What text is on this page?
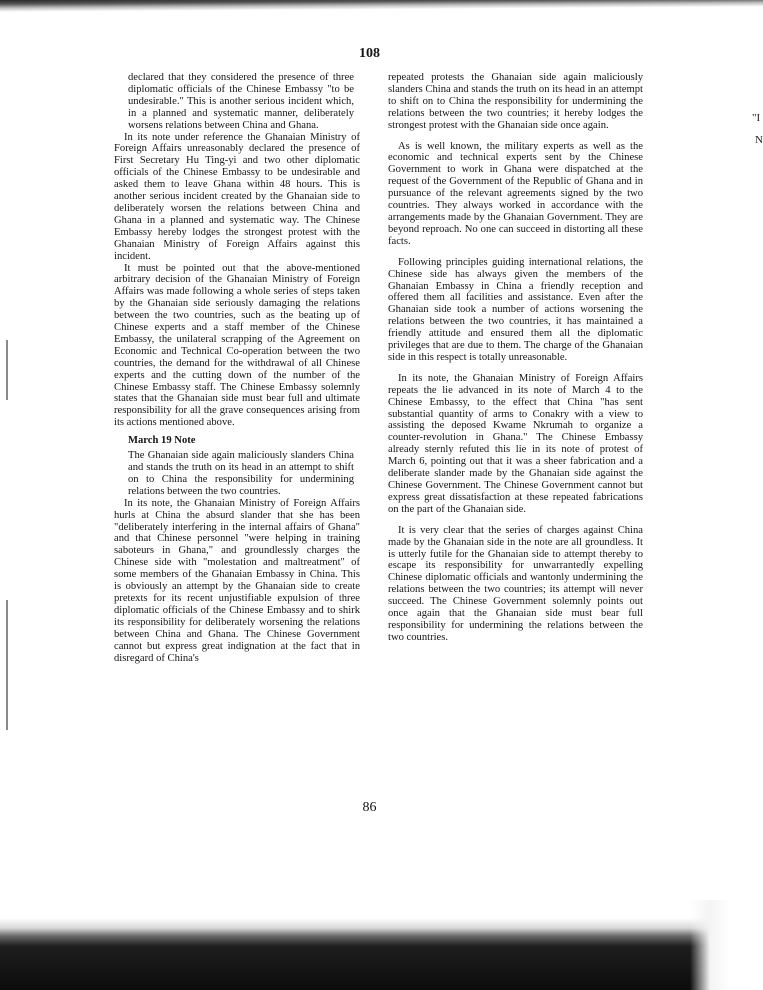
108

declared that they considered the presence of three diplomatic officials of the Chinese Embassy "to be undesirable." This is another serious incident which, in a planned and systematic manner, deliberately worsens relations between China and Ghana.

In its note under reference the Ghanaian Ministry of Foreign Affairs unreasonably declared the presence of First Secretary Hu Ting-yi and two other diplomatic officials of the Chinese Embassy to be undesirable and asked them to leave Ghana within 48 hours. This is another serious incident created by the Ghanaian side to deliberately worsen the relations between China and Ghana in a planned and systematic way. The Chinese Embassy hereby lodges the strongest protest with the Ghanaian Ministry of Foreign Affairs against this incident.

It must be pointed out that the above-mentioned arbitrary decision of the Ghanaian Ministry of Foreign Affairs was made following a whole series of steps taken by the Ghanaian side seriously damaging the relations between the two countries, such as the beating up of Chinese experts and a staff member of the Chinese Embassy, the unilateral scrapping of the Agreement on Economic and Technical Co-operation between the two countries, the demand for the withdrawal of all Chinese experts and the cutting down of the number of the Chinese Embassy staff. The Chinese Embassy solemnly states that the Ghanaian side must bear full and ultimate responsibility for all the grave consequences arising from its actions mentioned above.

March 19 Note

The Ghanaian side again maliciously slanders China and stands the truth on its head in an attempt to shift on to China the responsibility for undermining relations between the two countries.

In its note, the Ghanaian Ministry of Foreign Affairs hurls at China the absurd slander that she has been "deliberately interfering in the internal affairs of Ghana" and that Chinese personnel "were helping in training saboteurs in Ghana," and groundlessly charges the Chinese side with "molestation and maltreatment" of some members of the Ghanaian Embassy in China. This is obviously an attempt by the Ghanaian side to create pretexts for its recent unjustifiable expulsion of three diplomatic officials of the Chinese Embassy and to shirk its responsibility for deliberately worsening the relations between China and Ghana. The Chinese Government cannot but express great indignation at the fact that in disregard of China's

repeated protests the Ghanaian side again maliciously slanders China and stands the truth on its head in an attempt to shift on to China the responsibility for undermining the relations between the two countries; it hereby lodges the strongest protest with the Ghanaian side once again.

As is well known, the military experts as well as the economic and technical experts sent by the Chinese Government to work in Ghana were dispatched at the request of the Government of the Republic of Ghana and in pursuance of the relevant agreements signed by the two countries. They always worked in accordance with the arrangements made by the Ghanaian Government. They are beyond reproach. No one can succeed in distorting all these facts.

Following principles guiding international relations, the Chinese side has always given the members of the Ghanaian Embassy in China a friendly reception and offered them all facilities and assistance. Even after the Ghanaian side took a number of actions worsening the relations between the two countries, it has maintained a friendly attitude and ensured them all the diplomatic privileges that are due to them. The charge of the Ghanaian side in this respect is totally unreasonable.

In its note, the Ghanaian Ministry of Foreign Affairs repeats the lie advanced in its note of March 4 to the Chinese Embassy, to the effect that China "has sent substantial quantity of arms to Conakry with a view to assisting the deposed Kwame Nkrumah to organize a counter-revolution in Ghana." The Chinese Embassy already sternly refuted this lie in its note of protest of March 6, pointing out that it was a sheer fabrication and a deliberate slander made by the Ghanaian side against the Chinese Government. The Chinese Government cannot but express great dissatisfaction at these repeated fabrications on the part of the Ghanaian side.

It is very clear that the series of charges against China made by the Ghanaian side in the note are all groundless. It is utterly futile for the Ghanaian side to attempt thereby to escape its responsibility for unwarrantedly expelling Chinese diplomatic officials and wantonly undermining the relations between the two countries; its attempt will never succeed. The Chinese Government solemnly points out once again that the Ghanaian side must bear full responsibility for undermining the relations between the two countries.

"I
N
86
